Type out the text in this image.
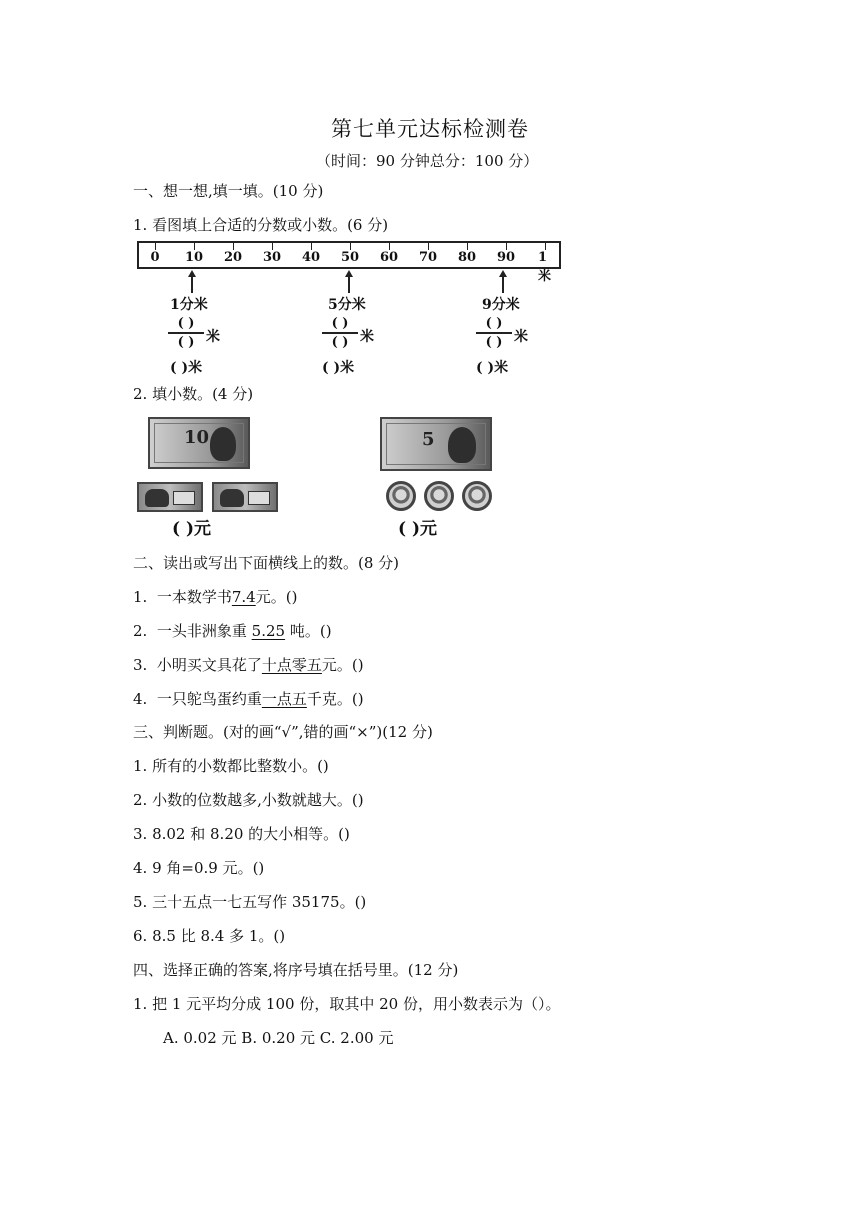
第七单元达标检测卷
（时间：90 分钟总分：100 分）
一、想一想,填一填。(10 分)
1. 看图填上合适的分数或小数。(6 分)
0 10 20 30 40 50 60 70 80 90 1米
1分米
( )
( ) 米
( )米
5分米
( )
( ) 米
( )米
9分米
( )
( ) 米
( )米
2. 填小数。(4 分)
10
( )元
5
( )元
二、读出或写出下面横线上的数。(8 分)
1. 一本数学书7.4元。()
2. 一头非洲象重 5.25 吨。()
3. 小明买文具花了十点零五元。()
4. 一只鸵鸟蛋约重一点五千克。()
三、判断题。(对的画“√”,错的画“×”)(12 分)
1. 所有的小数都比整数小。()
2. 小数的位数越多,小数就越大。()
3. 8.02 和 8.20 的大小相等。()
4. 9 角=0.9 元。()
5. 三十五点一七五写作 35175。()
6. 8.5 比 8.4 多 1。()
四、选择正确的答案,将序号填在括号里。(12 分)
1. 把 1 元平均分成 100 份，取其中 20 份，用小数表示为（）。
A. 0.02 元 B. 0.20 元 C. 2.00 元
